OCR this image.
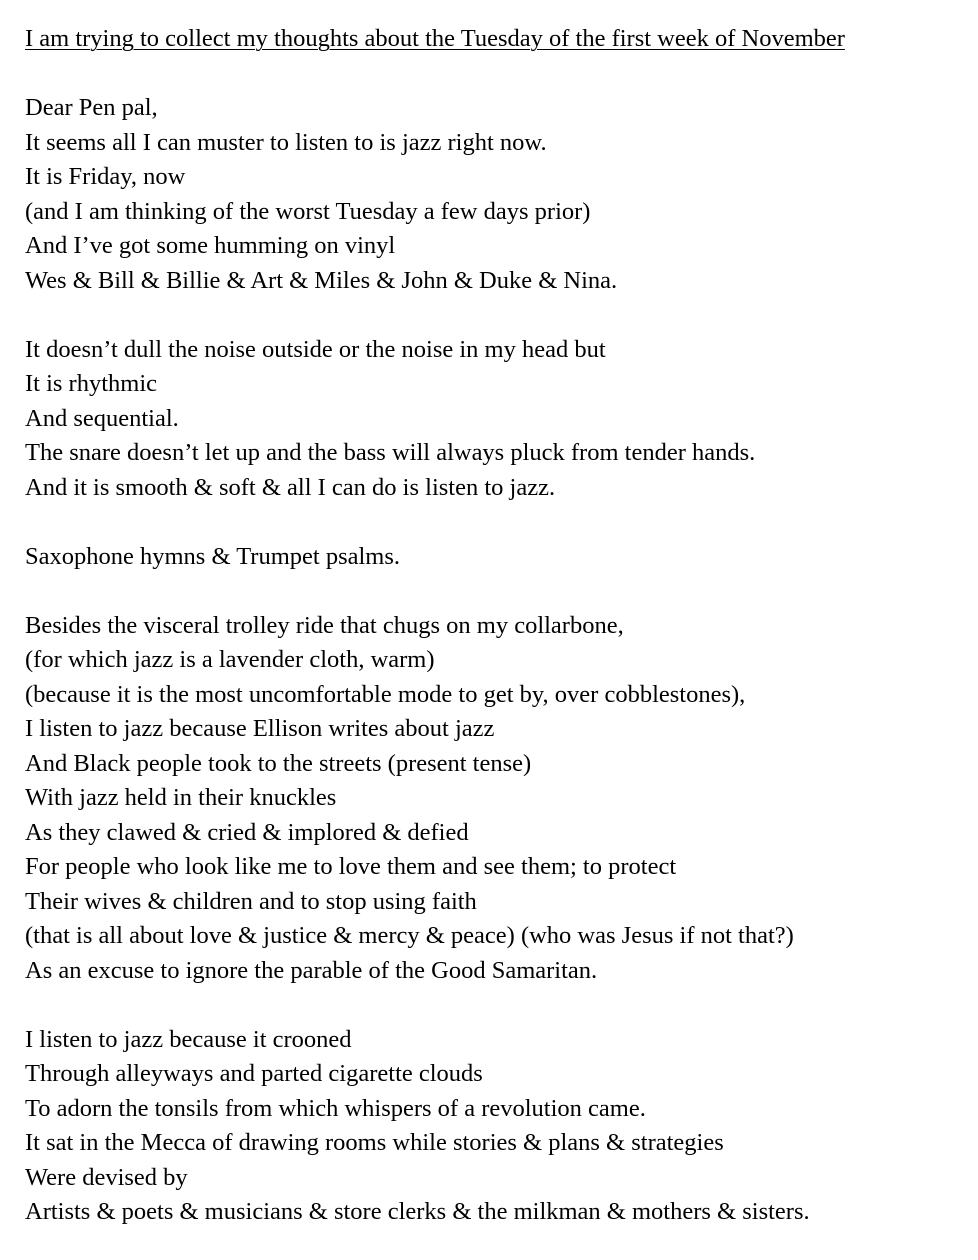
I am trying to collect my thoughts about the Tuesday of the first week of November
Dear Pen pal,
It seems all I can muster to listen to is jazz right now.
It is Friday, now
(and I am thinking of the worst Tuesday a few days prior)
And I’ve got some humming on vinyl
Wes & Bill & Billie & Art & Miles & John & Duke & Nina.
It doesn’t dull the noise outside or the noise in my head but
It is rhythmic
And sequential.
The snare doesn’t let up and the bass will always pluck from tender hands.
And it is smooth & soft & all I can do is listen to jazz.
Saxophone hymns & Trumpet psalms.
Besides the visceral trolley ride that chugs on my collarbone,
(for which jazz is a lavender cloth, warm)
(because it is the most uncomfortable mode to get by, over cobblestones),
I listen to jazz because Ellison writes about jazz
And Black people took to the streets (present tense)
With jazz held in their knuckles
As they clawed & cried & implored & defied
For people who look like me to love them and see them; to protect
Their wives & children and to stop using faith
(that is all about love & justice & mercy & peace) (who was Jesus if not that?)
As an excuse to ignore the parable of the Good Samaritan.
I listen to jazz because it crooned
Through alleyways and parted cigarette clouds
To adorn the tonsils from which whispers of a revolution came.
It sat in the Mecca of drawing rooms while stories & plans & strategies
Were devised by
Artists & poets & musicians & store clerks & the milkman & mothers & sisters.
